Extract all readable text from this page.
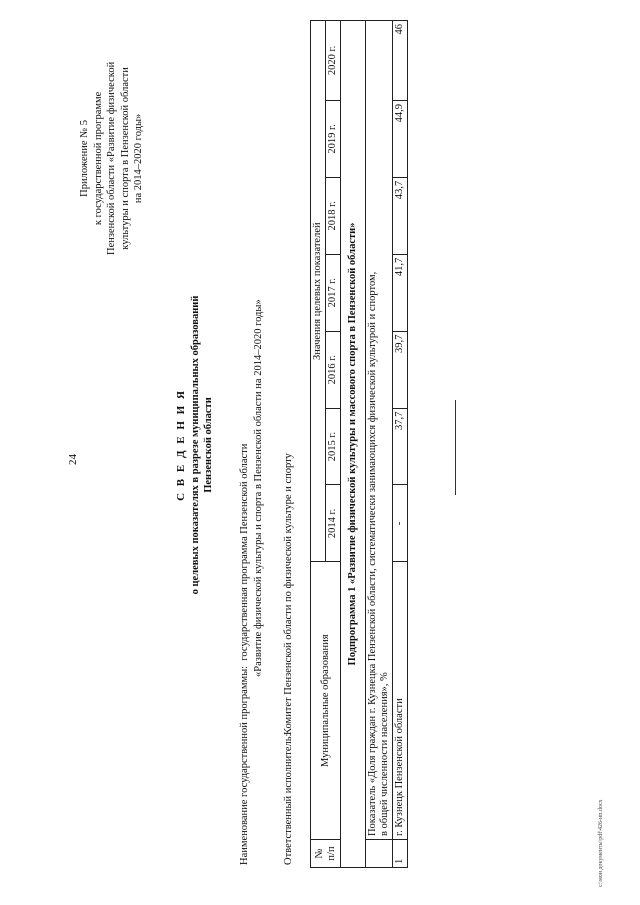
24
Приложение № 5 к государственной программе Пензенской области «Развитие физической культуры и спорта в Пензенской области на 2014–2020 годы»
С В Е Д Е Н И Я о целевых показателях в разрезе муниципальных образований Пензенской области
Наименование государственной программы:  государственная программа Пензенской области «Развитие физической культуры и спорта в Пензенской области на 2014–2020 годы»
Ответственный исполнитель:
Комитет Пензенской области по физической культуре и спорту
№ п/п	Муниципальные образования	Значения целевых показателей						
		2014 г.	2015 г.	2016 г.	2017 г.	2018 г.	2019 г.	2020 г.
Подпрограмма 1 «Развитие физической культуры и массового спорта в Пензенской области»								

	Показатель «Доля граждан г. Кузнецка Пензенской области, систематически занимающихся физической культурой и спортом, в общей численности населения», %							

1	г. Кузнецк Пензенской области	-	37,7	39,7	41,7	43,7	44,9	46
c:\мои документы\pdf\426-нп.docx
